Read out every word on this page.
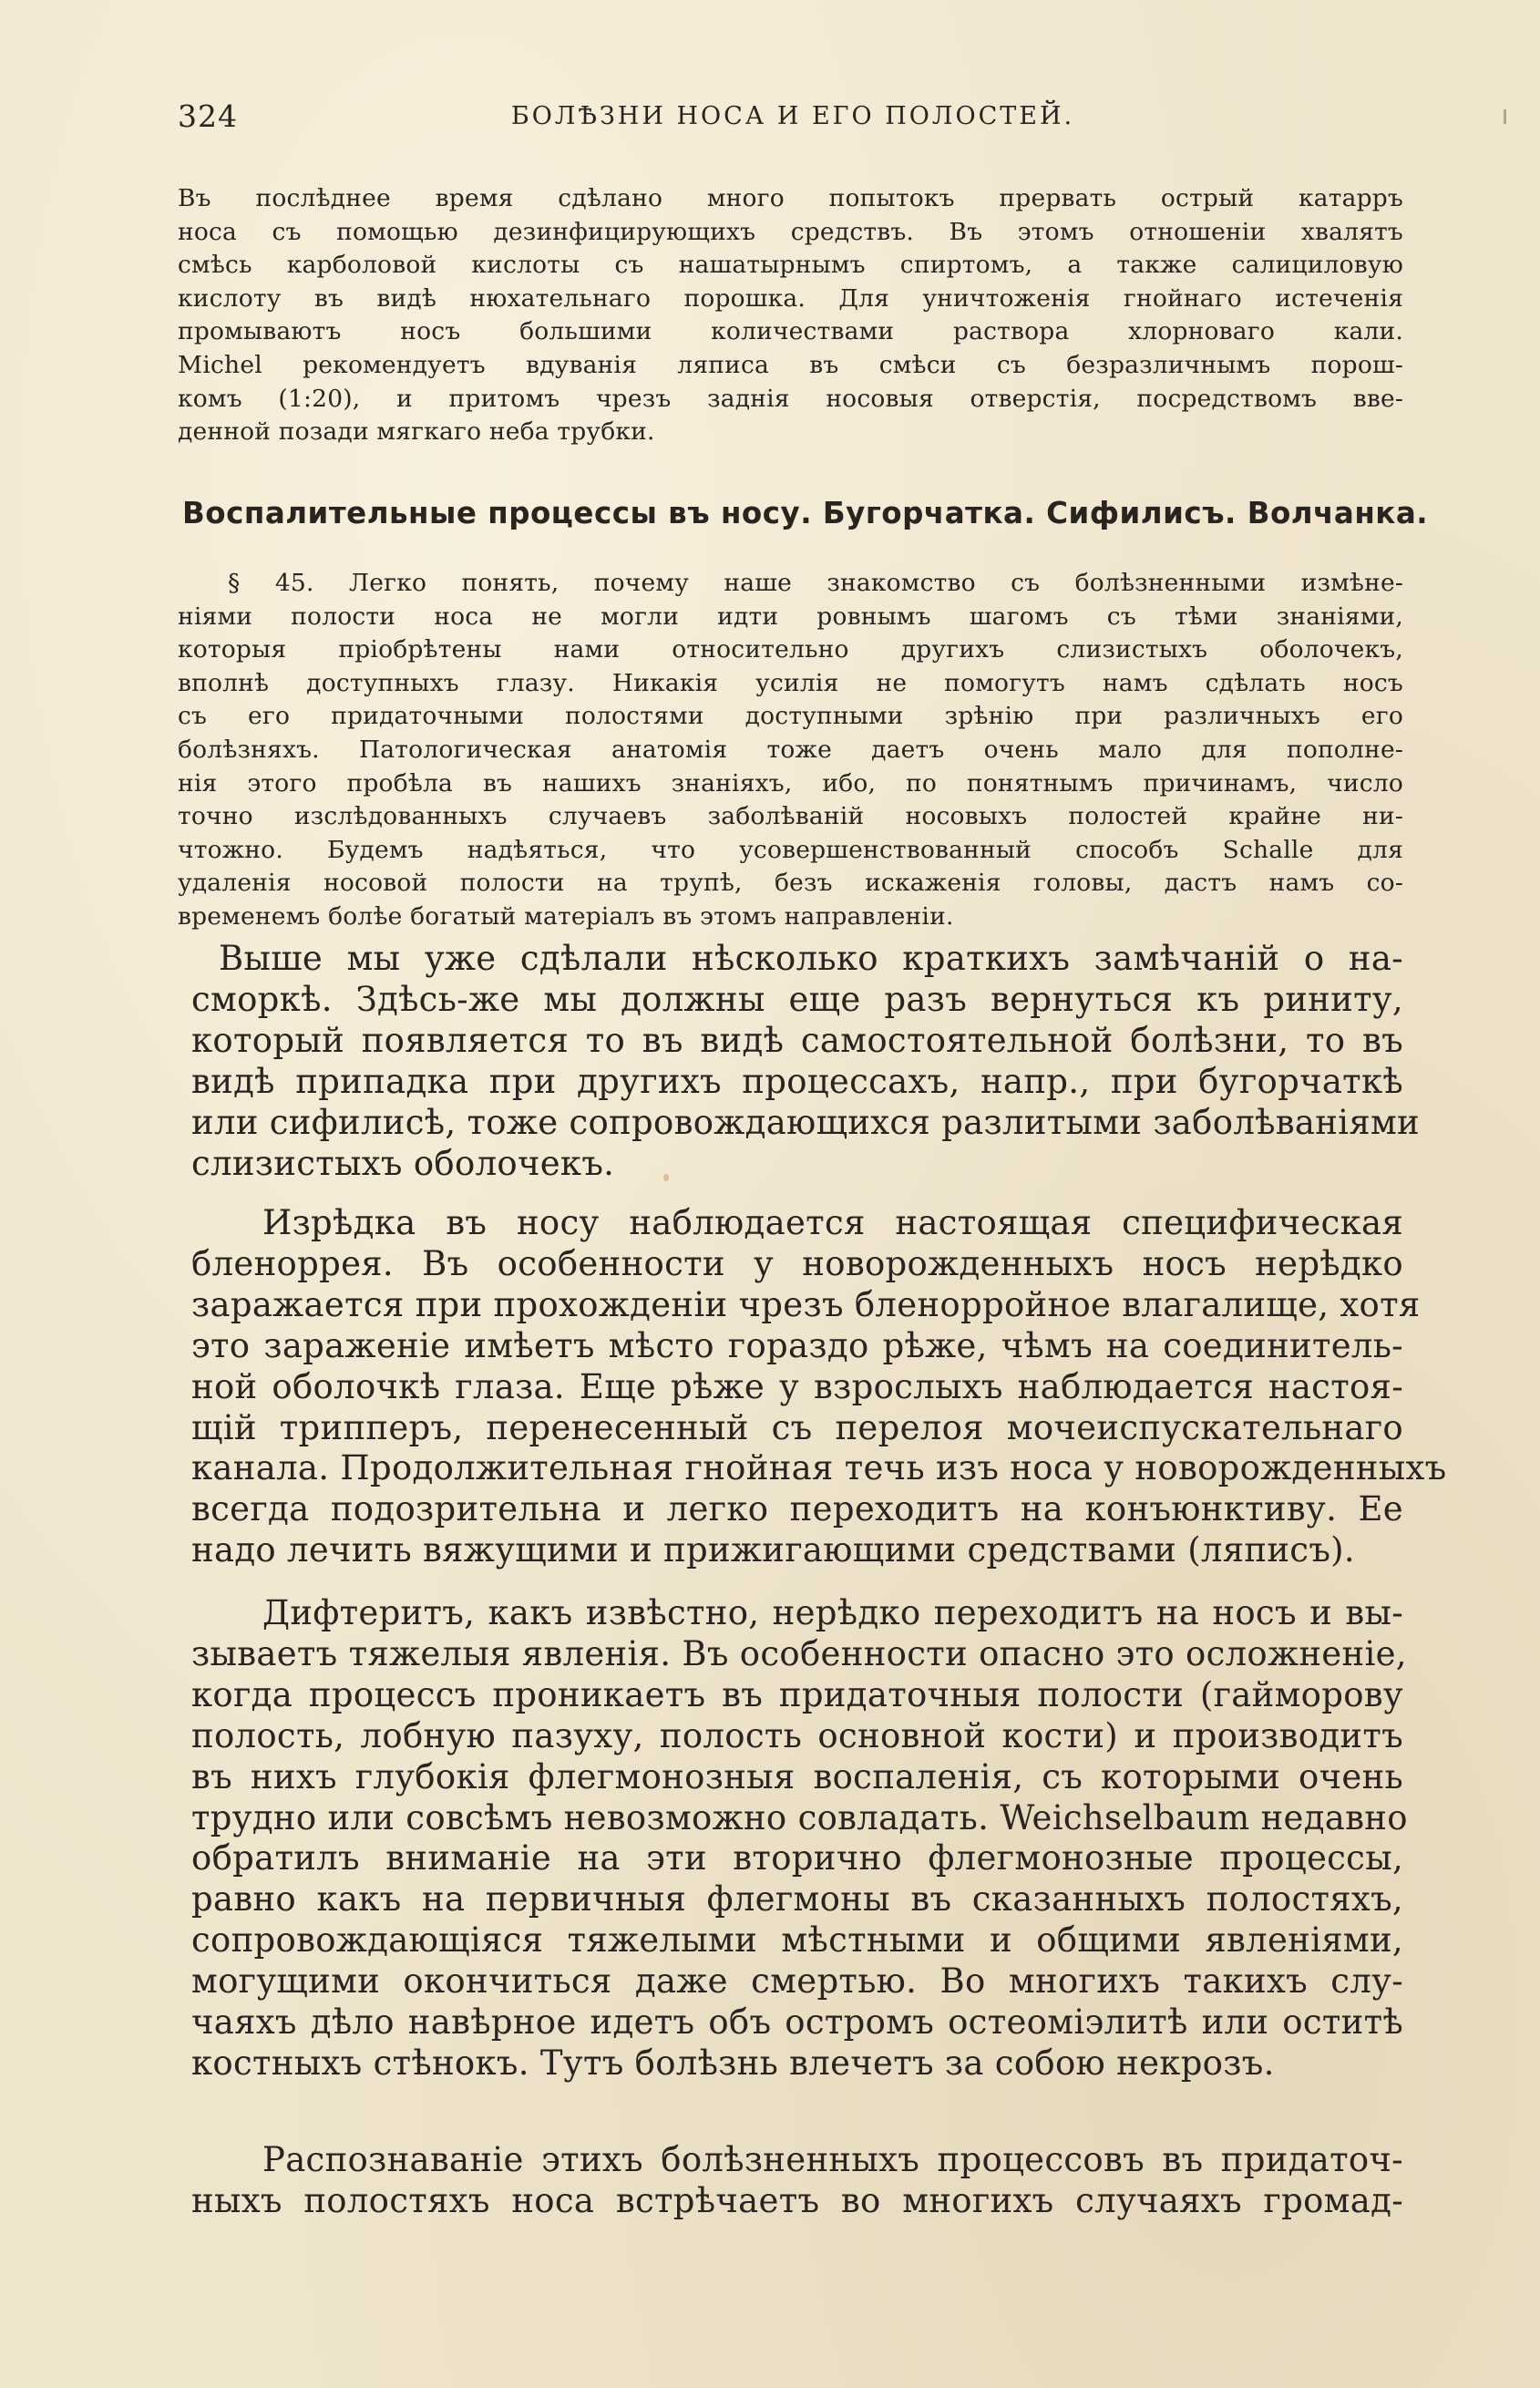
324	БОЛѢЗНИ НОСА И ЕГО ПОЛОСТЕЙ.
Въ послѣднее время сдѣлано много попытокъ прервать острый катарръ
носа съ помощью дезинфицирующихъ средствъ. Въ этомъ отношеніи хвалятъ
смѣсь карболовой кислоты съ нашатырнымъ спиртомъ, а также салициловую
кислоту въ видѣ нюхательнаго порошка. Для уничтоженія гнойнаго истеченія
промываютъ носъ большими количествами раствора хлорноваго кали.
Michel рекомендуетъ вдуванія ляписа въ смѣси съ безразличнымъ порош-
комъ (1:20), и притомъ чрезъ заднія носовыя отверстія, посредствомъ вве-
денной позади мягкаго неба трубки.
Воспалительные процессы въ носу. Бугорчатка. Сифилисъ. Волчанка.
§ 45. Легко понять, почему наше знакомство съ болѣзненными измѣне-
ніями полости носа не могли идти ровнымъ шагомъ съ тѣми знаніями,
которыя пріобрѣтены нами относительно другихъ слизистыхъ оболочекъ,
вполнѣ доступныхъ глазу. Никакія усилія не помогутъ намъ сдѣлать носъ
съ его придаточными полостями доступными зрѣнію при различныхъ его
болѣзняхъ. Патологическая анатомія тоже даетъ очень мало для пополне-
нія этого пробѣла въ нашихъ знаніяхъ, ибо, по понятнымъ причинамъ, число
точно изслѣдованныхъ случаевъ заболѣваній носовыхъ полостей крайне ни-
чтожно. Будемъ надѣяться, что усовершенствованный способъ Schalle для
удаленія носовой полости на трупѣ, безъ искаженія головы, дастъ намъ со-
временемъ болѣе богатый матеріалъ въ этомъ направленіи.
Выше мы уже сдѣлали нѣсколько краткихъ замѣчаній о на-
сморкѣ. Здѣсь-же мы должны еще разъ вернуться къ риниту,
который появляется то въ видѣ самостоятельной болѣзни, то въ
видѣ припадка при другихъ процессахъ, напр., при бугорчаткѣ
или сифилисѣ, тоже сопровождающихся разлитыми заболѣваніями
слизистыхъ оболочекъ.
Изрѣдка въ носу наблюдается настоящая специфическая
бленоррея. Въ особенности у новорожденныхъ носъ нерѣдко
заражается при прохожденіи чрезъ бленорройное влагалище, хотя
это зараженіе имѣетъ мѣсто гораздо рѣже, чѣмъ на соединитель-
ной оболочкѣ глаза. Еще рѣже у взрослыхъ наблюдается настоя-
щій трипперъ, перенесенный съ перелоя мочеиспускательнаго
канала. Продолжительная гнойная течь изъ носа у новорожденныхъ
всегда подозрительна и легко переходитъ на конъюнктиву. Ее
надо лечить вяжущими и прижигающими средствами (ляписъ).
Дифтеритъ, какъ извѣстно, нерѣдко переходитъ на носъ и вы-
зываетъ тяжелыя явленія. Въ особенности опасно это осложненіе,
когда процессъ проникаетъ въ придаточныя полости (гайморову
полость, лобную пазуху, полость основной кости) и производитъ
въ нихъ глубокія флегмонозныя воспаленія, съ которыми очень
трудно или совсѣмъ невозможно совладать. Weichselbaum недавно
обратилъ вниманіе на эти вторично флегмонозные процессы,
равно какъ на первичныя флегмоны въ сказанныхъ полостяхъ,
сопровождающіяся тяжелыми мѣстными и общими явленіями,
могущими окончиться даже смертью. Во многихъ такихъ слу-
чаяхъ дѣло навѣрное идетъ объ остромъ остеоміэлитѣ или оститѣ
костныхъ стѣнокъ. Тутъ болѣзнь влечетъ за собою некрозъ.
Распознаваніе этихъ болѣзненныхъ процессовъ въ придаточ-
ныхъ полостяхъ носа встрѣчаетъ во многихъ случаяхъ громад-
